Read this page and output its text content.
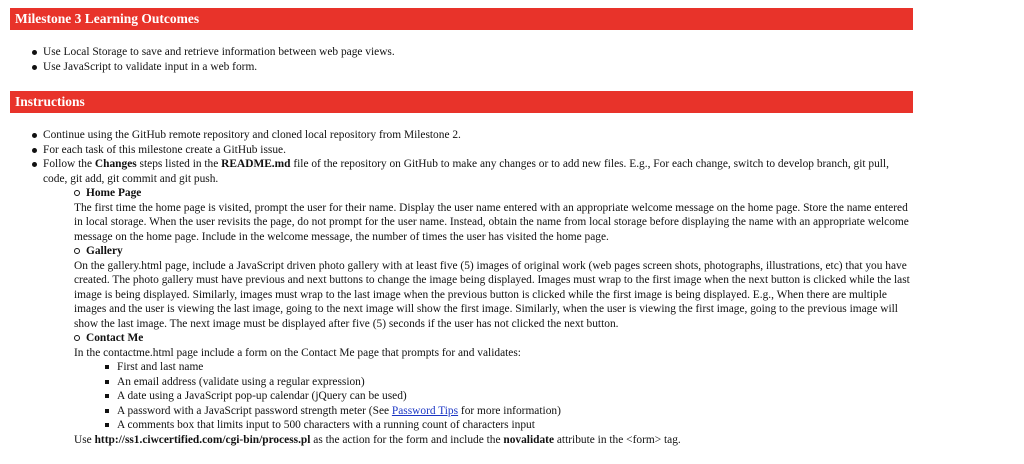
Milestone 3 Learning Outcomes
Use Local Storage to save and retrieve information between web page views.
Use JavaScript to validate input in a web form.
Instructions
Continue using the GitHub remote repository and cloned local repository from Milestone 2.
For each task of this milestone create a GitHub issue.
Follow the Changes steps listed in the README.md file of the repository on GitHub to make any changes or to add new files. E.g., For each change, switch to develop branch, git pull, code, git add, git commit and git push.
Home Page
The first time the home page is visited, prompt the user for their name. Display the user name entered with an appropriate welcome message on the home page. Store the name entered in local storage. When the user revisits the page, do not prompt for the user name. Instead, obtain the name from local storage before displaying the name with an appropriate welcome message on the home page. Include in the welcome message, the number of times the user has visited the home page.
Gallery
On the gallery.html page, include a JavaScript driven photo gallery with at least five (5) images of original work (web pages screen shots, photographs, illustrations, etc) that you have created. The photo gallery must have previous and next buttons to change the image being displayed. Images must wrap to the first image when the next button is clicked while the last image is being displayed. Similarly, images must wrap to the last image when the previous button is clicked while the first image is being displayed. E.g., When there are multiple images and the user is viewing the last image, going to the next image will show the first image. Similarly, when the user is viewing the first image, going to the previous image will show the last image. The next image must be displayed after five (5) seconds if the user has not clicked the next button.
Contact Me
In the contactme.html page include a form on the Contact Me page that prompts for and validates:
First and last name
An email address (validate using a regular expression)
A date using a JavaScript pop-up calendar (jQuery can be used)
A password with a JavaScript password strength meter (See Password Tips for more information)
A comments box that limits input to 500 characters with a running count of characters input
Use http://ss1.ciwcertified.com/cgi-bin/process.pl as the action for the form and include the novalidate attribute in the <form> tag.
